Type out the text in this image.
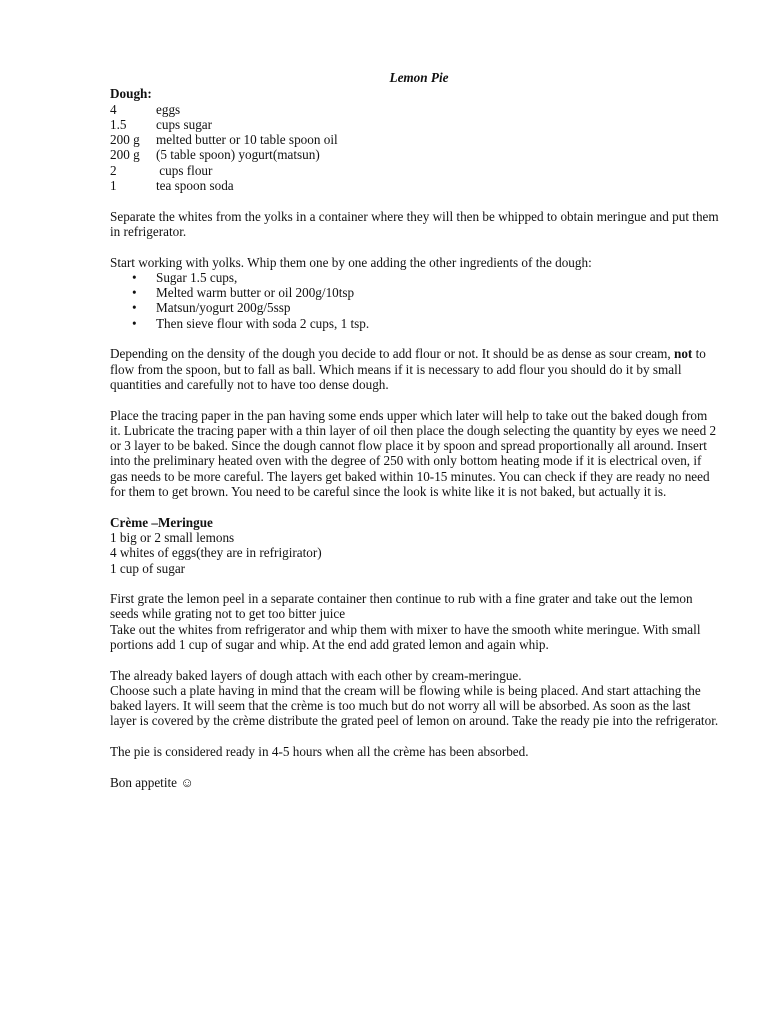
Lemon Pie
Dough:
4	eggs
1.5	cups sugar
200 g	melted butter or 10 table spoon oil
200 g	(5 table spoon) yogurt(matsun)
2	cups flour
1	tea spoon soda

Separate the whites from the yolks in a container where they will then be whipped to obtain meringue and put them in refrigerator.

Start working with yolks. Whip them one by one adding the other ingredients of the dough:

• Sugar 1.5 cups,
• Melted warm butter or oil 200g/10tsp
• Matsun/yogurt 200g/5ssp
• Then sieve flour with soda 2 cups, 1 tsp.

Depending on the density of the dough you decide to add flour or not. It should be as dense as sour cream, not to flow from the spoon, but to fall as ball. Which means if it is necessary to add flour you should do it by small quantities and carefully not to have too dense dough.

Place the tracing paper in the pan having some ends upper which later will help to take out the baked dough from it. Lubricate the tracing paper with a thin layer of oil then place the dough selecting the quantity by eyes we need 2 or 3 layer to be baked. Since the dough cannot flow place it by spoon and spread proportionally all around. Insert into the preliminary heated oven with the degree of 250 with only bottom heating mode if it is electrical oven, if gas needs to be more careful. The layers get baked within 10-15 minutes. You can check if they are ready no need for them to get brown. You need to be careful since the look is white like it is not baked, but actually it is.

Crème –Meringue
1 big or 2 small lemons
4 whites of eggs(they are in refrigirator)
1 cup of sugar

First grate the lemon peel in a separate container then continue to rub with a fine grater and take out the lemon seeds while grating not to get too bitter juice

Take out the whites from refrigerator and whip them with mixer to have the smooth white meringue. With small portions add 1 cup of sugar and whip. At the end add grated lemon and again whip.

The already baked layers of dough attach with each other by cream-meringue.

Choose such a plate having in mind that the cream will be flowing while is being placed. And start attaching the baked layers. It will seem that the crème is too much but do not worry all will be absorbed. As soon as the last layer is covered by the crème distribute the grated peel of lemon on around. Take the ready pie into the refrigerator.

The pie is considered ready in 4-5 hours when all the crème has been absorbed.

Bon appetite ☺
